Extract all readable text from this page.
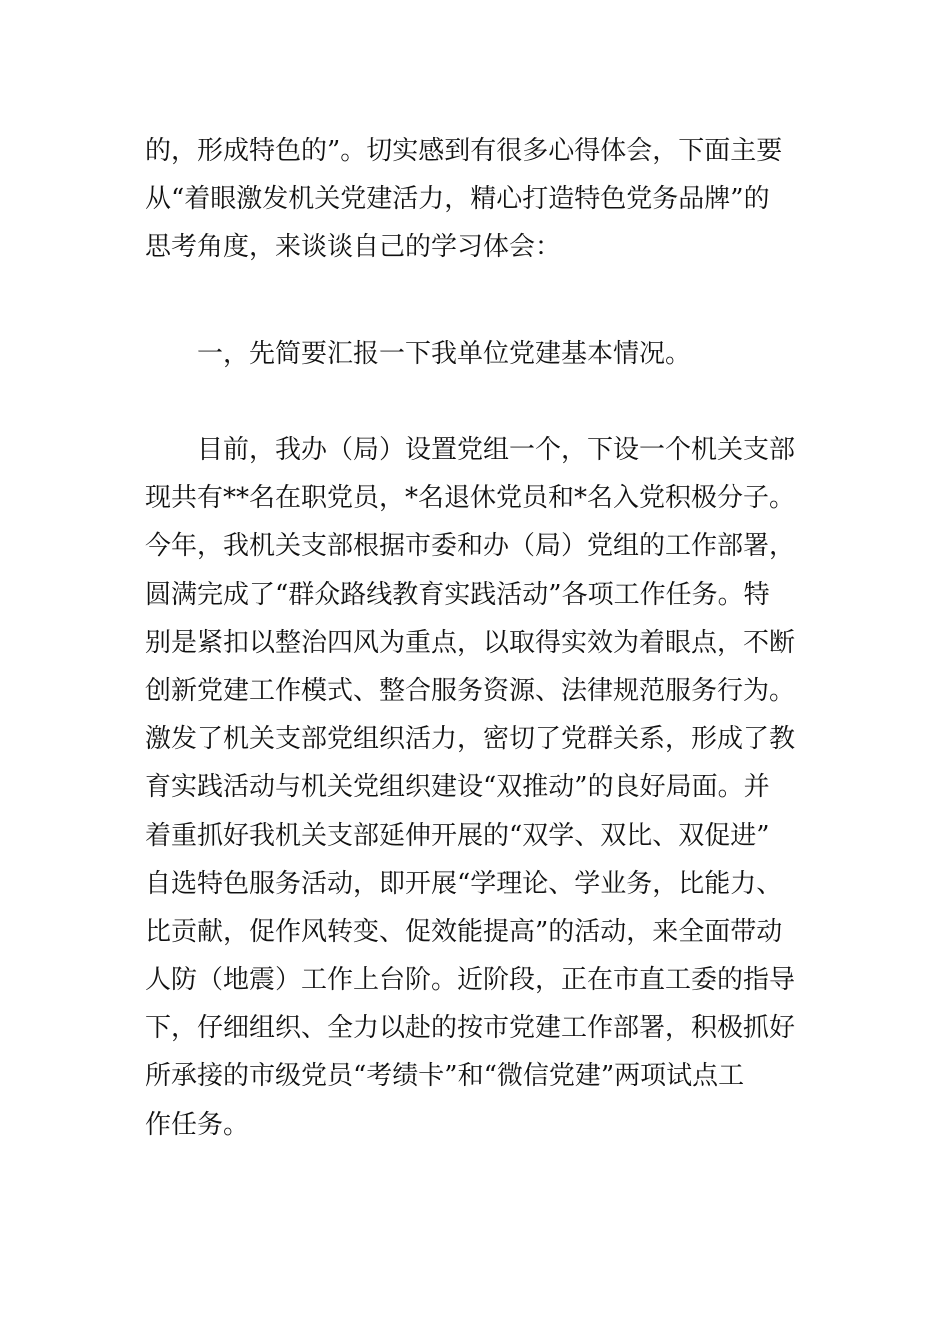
的，形成特色的”。切实感到有很多心得体会，下面主要
从“着眼激发机关党建活力，精心打造特色党务品牌”的
思考角度，来谈谈自己的学习体会：
一，先简要汇报一下我单位党建基本情况。
目前，我办（局）设置党组一个，下设一个机关支部
现共有**名在职党员，*名退休党员和*名入党积极分子。
今年，我机关支部根据市委和办（局）党组的工作部署，
圆满完成了“群众路线教育实践活动”各项工作任务。特
别是紧扣以整治四风为重点，以取得实效为着眼点，不断
创新党建工作模式、整合服务资源、法律规范服务行为。
激发了机关支部党组织活力，密切了党群关系，形成了教
育实践活动与机关党组织建设“双推动”的良好局面。并
着重抓好我机关支部延伸开展的“双学、双比、双促进”
自选特色服务活动，即开展“学理论、学业务，比能力、
比贡献，促作风转变、促效能提高”的活动，来全面带动
人防（地震）工作上台阶。近阶段，正在市直工委的指导
下，仔细组织、全力以赴的按市党建工作部署，积极抓好
所承接的市级党员“考绩卡”和“微信党建”两项试点工
作任务。
